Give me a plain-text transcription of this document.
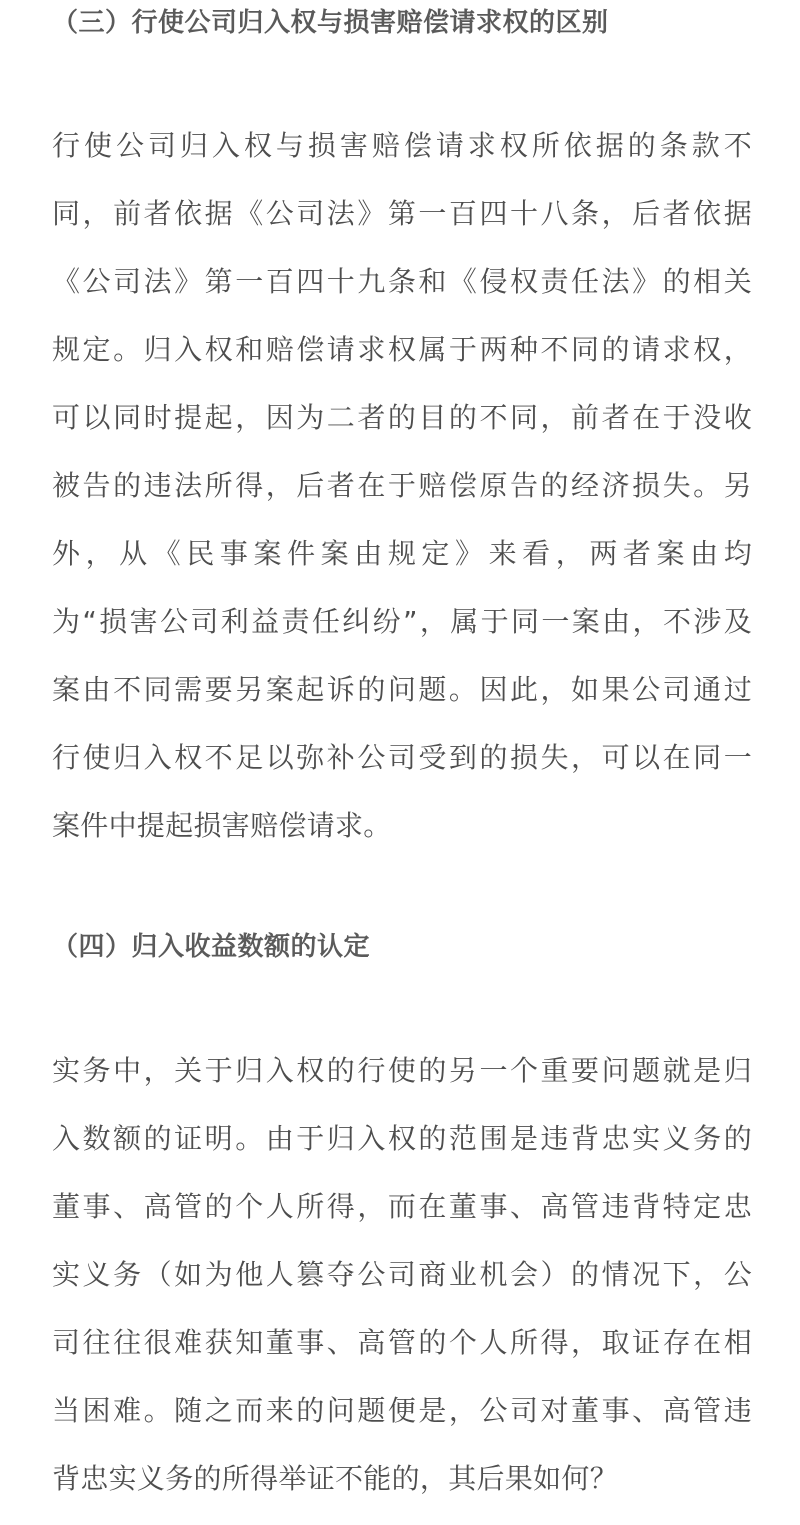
（三）行使公司归入权与损害赔偿请求权的区别
行使公司归入权与损害赔偿请求权所依据的条款不
同，前者依据《公司法》第一百四十八条，后者依据
《公司法》第一百四十九条和《侵权责任法》的相关
规定。归入权和赔偿请求权属于两种不同的请求权，
可以同时提起，因为二者的目的不同，前者在于没收
被告的违法所得，后者在于赔偿原告的经济损失。另
外，从《民事案件案由规定》来看，两者案由均
为“损害公司利益责任纠纷”，属于同一案由，不涉及
案由不同需要另案起诉的问题。因此，如果公司通过
行使归入权不足以弥补公司受到的损失，可以在同一
案件中提起损害赔偿请求。
（四）归入收益数额的认定
实务中，关于归入权的行使的另一个重要问题就是归
入数额的证明。由于归入权的范围是违背忠实义务的
董事、高管的个人所得，而在董事、高管违背特定忠
实义务（如为他人篡夺公司商业机会）的情况下，公
司往往很难获知董事、高管的个人所得，取证存在相
当困难。随之而来的问题便是，公司对董事、高管违
背忠实义务的所得举证不能的，其后果如何？
